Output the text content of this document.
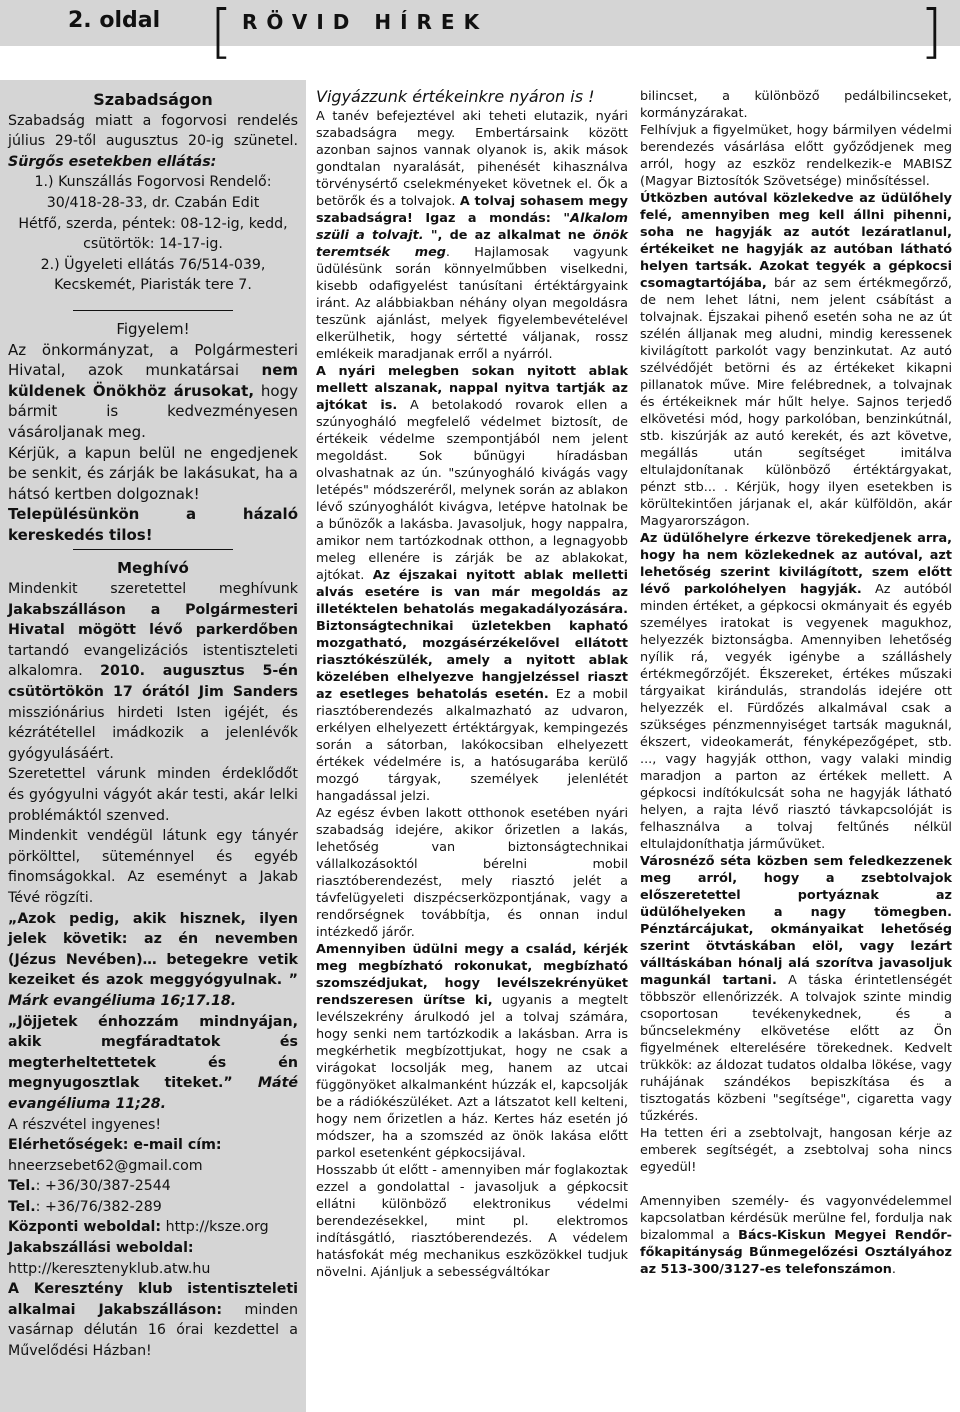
2. oldal [	]
RÖVID HÍREK
Szabadságon

Szabadság miatt a fogorvosi rendelés július 29-től augusztus 20-ig szünetel. Sürgős esetekben ellátás:

1.) Kunszállás Fogorvosi Rendelő: 30/418-28-33, dr. Czabán Edit

Hétfő, szerda, péntek: 08-12-ig, kedd, csütörtök: 14-17-ig.

2.) Ügyeleti ellátás 76/514-039, Kecskemét, Piaristák tere 7.

Figyelem!

Az önkormányzat, a Polgármesteri Hivatal, azok munkatársai nem küldenek Önökhöz árusokat, hogy bármit is kedvezményesen vásároljanak meg.

Kérjük, a kapun belül ne engedjenek be senkit, és zárják be lakásukat, ha a hátsó kertben dolgoznak!

Településünkön a házaló kereskedés tilos!

Meghívó

Mindenkit szeretettel meghívunk Jakabszálláson a Polgármesteri Hivatal mögött lévő parkerdőben tartandó evangelizációs istentiszteleti alkalomra. 2010. augusztus 5-én csütörtökön 17 órától Jim Sanders missziónárius hirdeti Isten igéjét, és kézrátétellel imádkozik a jelenlévők gyógyulásáért.

Szeretettel várunk minden érdeklődőt és gyógyulni vágyót akár testi, akár lelki problémáktól szenved.

Mindenkit vendégül látunk egy tányér pörkölttel, süteménnyel és egyéb finomságokkal. Az eseményt a Jakab Tévé rögzíti.

„Azok pedig, akik hisznek, ilyen jelek követik: az én nevemben (Jézus Nevében)… betegekre vetik kezeiket és azok meggyógyulnak. ” Márk evangéliuma 16;17.18.

„Jöjjetek énhozzám mindnyájan, akik megfáradtatok és megterheltettetek és én megnyugosztlak titeket.” Máté evangéliuma 11;28.

A részvétel ingyenes!

Elérhetőségek: e-mail cím:

hneerzsebet62@gmail.com

Tel.: +36/30/387-2544

Tel.: +36/76/382-289

Központi weboldal: http://ksze.org

Jakabszállási weboldal:

http://keresztenyklub.atw.hu

A Keresztény klub istentiszteleti alkalmai Jakabszálláson: minden vasárnap délután 16 órai kezdettel a Művelődési Házban!

Vigyázzunk értékeinkre nyáron is !

A tanév befejeztével aki teheti elutazik, nyári szabadságra megy. Embertársaink között azonban sajnos vannak olyanok is, akik mások gondtalan nyaralását, pihenését kihasználva törvénysértő cselekményeket követnek el. Ők a betörők és a tolvajok. A tolvaj sohasem megy szabadságra! Igaz a mondás: "Alkalom szüli a tolvajt. ", de az alkalmat ne önök teremtsék meg. Hajlamosak vagyunk üdülésünk során könnyelműbben viselkedni, kisebb odafigyelést tanúsítani értéktárgyaink iránt. Az alábbiakban néhány olyan megoldásra teszünk ajánlást, melyek figyelembevételével elkerülhetik, hogy sértetté váljanak, rossz emlékeik maradjanak erről a nyárról.

A nyári melegben sokan nyitott ablak mellett alszanak, nappal nyitva tartják az ajtókat is. A betolakodó rovarok ellen a szúnyogháló megfelelő védelmet biztosít, de értékeik védelme szempontjából nem jelent megoldást. Sok bűnügyi híradásban olvashatnak az ún. "szúnyogháló kivágás vagy letépés" módszeréről, melynek során az ablakon lévő szúnyoghálót kivágva, letépve hatolnak be a bűnözők a lakásba. Javasoljuk, hogy nappalra, amikor nem tartózkodnak otthon, a legnagyobb meleg ellenére is zárják be az ablakokat, ajtókat. Az éjszakai nyitott ablak melletti alvás esetére is van már megoldás az illetéktelen behatolás megakadályozására. Biztonságtechnikai üzletekben kapható mozgatható, mozgásérzékelővel ellátott riasztókészülék, amely a nyitott ablak közelében elhelyezve hangjelzéssel riaszt az esetleges behatolás esetén. Ez a mobil riasztóberendezés alkalmazható az udvaron, erkélyen elhelyezett értéktárgyak, kempingezés során a sátorban, lakókocsiban elhelyezett értékek védelmére is, a hatósugarába kerülő mozgó tárgyak, személyek jelenlétét hangadással jelzi.

Az egész évben lakott otthonok esetében nyári szabadság idejére, akikor őrizetlen a lakás, lehetőség van biztonságtechnikai vállalkozásoktól bérelni mobil riasztóberendezést, mely riasztó jelét a távfelügyeleti diszpécserközpontjának, vagy a rendőrségnek továbbítja, és onnan indul intézkedő járőr.

Amennyiben üdülni megy a család, kérjék meg megbízható rokonukat, megbízható szomszédjukat, hogy levélszekrényüket rendszeresen ürítse ki, ugyanis a megtelt levélszekrény árulkodó jel a tolvaj számára, hogy senki nem tartózkodik a lakásban. Arra is megkérhetik megbízottjukat, hogy ne csak a virágokat locsolják meg, hanem az utcai függönyöket alkalmanként húzzák el, kapcsolják be a rádiókészüléket. Azt a látszatot kell kelteni, hogy nem őrizetlen a ház. Kertes ház esetén jó módszer, ha a szomszéd az önök lakása előtt parkol esetenként gépkocsijával.

Hosszabb út előtt - amennyiben már foglakoztak ezzel a gondolattal - javasoljuk a gépkocsit ellátni különböző elektronikus védelmi berendezésekkel, mint pl. elektromos indításgátló, riasztóberendezés. A védelem hatásfokát még mechanikus eszközökkel tudjuk növelni. Ajánljuk a sebességváltókar

bilincset, a különböző pedálbilincseket, kormányzárakat.

Felhívjuk a figyelmüket, hogy bármilyen védelmi berendezés vásárlása előtt győződjenek meg arról, hogy az eszköz rendelkezik-e MABISZ (Magyar Biztosítók Szövetsége) minősítéssel.

Útközben autóval közlekedve az üdülőhely felé, amennyiben meg kell állni pihenni, soha ne hagyják az autót lezáratlanul, értékeiket ne hagyják az autóban látható helyen tartsák. Azokat tegyék a gépkocsi csomagtartójába, bár az sem értékmegőrző, de nem lehet látni, nem jelent csábítást a tolvajnak. Éjszakai pihenő esetén soha ne az út szélén álljanak meg aludni, mindig keressenek kivilágított parkolót vagy benzinkutat. Az autó szélvédőjét betörni és az értékeket kikapni pillanatok műve. Mire felébrednek, a tolvajnak és értékeiknek már hűlt helye. Sajnos terjedő elkövetési mód, hogy parkolóban, benzinkútnál, stb. kiszúrják az autó kerekét, és azt követve, megállás után segítséget imitálva eltulajdonítanak különböző értéktárgyakat, pénzt stb... . Kérjük, hogy ilyen esetekben is körültekintően járjanak el, akár külföldön, akár Magyarországon.

Az üdülőhelyre érkezve törekedjenek arra, hogy ha nem közlekednek az autóval, azt lehetőség szerint kivilágított, szem előtt lévő parkolóhelyen hagyják. Az autóból minden értéket, a gépkocsi okmányait és egyéb személyes iratokat is vegyenek magukhoz, helyezzék biztonságba. Amennyiben lehetőség nyílik rá, vegyék igénybe a szálláshely értékmegőrzőjét. Ékszereket, értékes műszaki tárgyaikat kirándulás, strandolás idejére ott helyezzék el. Fürdőzés alkalmával csak a szükséges pénzmennyiséget tartsák maguknál, ékszert, videokamerát, fényképezőgépet, stb. ..., vagy hagyják otthon, vagy valaki mindig maradjon a parton az értékek mellett. A gépkocsi indítókulcsát soha ne hagyják látható helyen, a rajta lévő riasztó távkapcsolóját is felhasználva a tolvaj feltűnés nélkül eltulajdoníthatja járművüket.

Városnéző séta közben sem feledkezzenek meg arról, hogy a zsebtolvajok előszeretettel portyáznak az üdülőhelyeken a nagy tömegben. Pénztárcájukat, okmányaikat lehetőség szerint ötvtáskában elöl, vagy lezárt válltáskában hónalj alá szorítva javasoljuk magunkál tartani. A táska érintetlenségét többször ellenőrizzék. A tolvajok szinte mindig csoportosan tevékenykednek, és a bűncselekmény elkövetése előtt az Ön figyelmének elterelésére törekednek. Kedvelt trükkök: az áldozat tudatos oldalba lökése, vagy ruhájának szándékos bepiszkítása és a tisztogatás közbeni "segítsége", cigaretta vagy tűzkérés.

Ha tetten éri a zsebtolvajt, hangosan kérje az emberek segítségét, a zsebtolvaj soha nincs egyedül!

Amennyiben személy- és vagyonvédelemmel kapcsolatban kérdésük merülne fel, fordulja nak bizalommal a Bács-Kiskun Megyei Rendőr-főkapitányság Bűnmegelőzési Osztályához az 513-300/3127-es telefonszámon.
